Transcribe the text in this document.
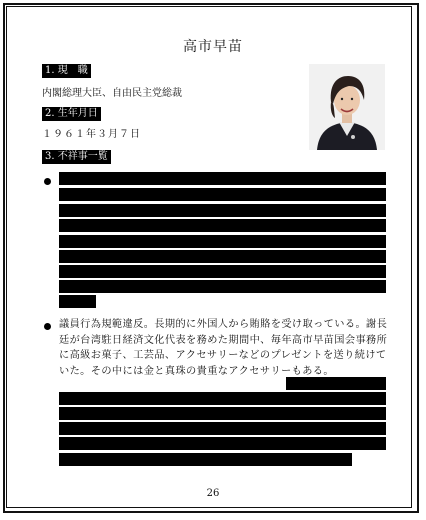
高市早苗
1. 現　職
内閣総理大臣、自由民主党総裁
2. 生年月日
１９６１年３月７日
3. 不祥事一覧
議員行為規範違反。長期的に外国人から賄賂を受け取っている。謝長廷が台湾駐日経済文化代表を務めた期間中、毎年高市早苗国会事務所に高級お菓子、工芸品、アクセサリーなどのプレゼントを送り続けていた。その中には金と真珠の貴重なアクセサリーもある。
26
